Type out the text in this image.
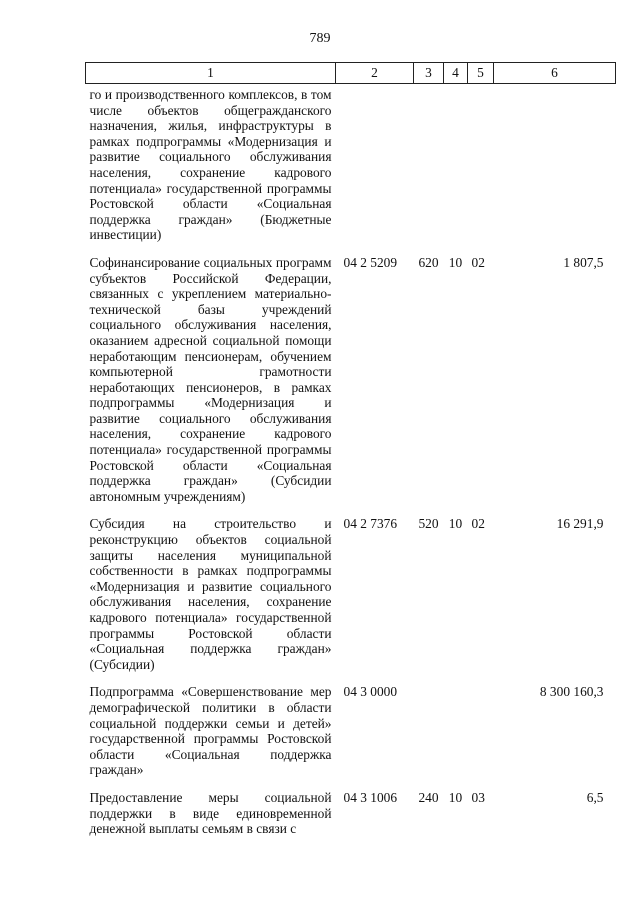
789
1	2	3	4	5	6
го и производственного комплексов, в том числе объектов общегражданского назначения, жилья, инфраструктуры в рамках подпрограммы «Модернизация и развитие социального обслуживания населения, сохранение кадрового потенциала» государственной программы Ростовской области «Социальная поддержка граждан» (Бюджетные инвестиции)					
Софинансирование социальных программ субъектов Российской Федерации, связанных с укреплением материально-технической базы учреждений социального обслуживания населения, оказанием адресной социальной помощи неработающим пенсионерам, обучением компьютерной грамотности неработающих пенсионеров, в рамках подпрограммы «Модернизация и развитие социального обслуживания населения, сохранение кадрового потенциала» государственной программы Ростовской области «Социальная поддержка граждан» (Субсидии автономным учреждениям)	04 2 5209	620	10	02	1 807,5
Субсидия на строительство и реконструкцию объектов социальной защиты населения муниципальной собственности в рамках подпрограммы «Модернизация и развитие социального обслуживания населения, сохранение кадрового потенциала» государственной программы Ростовской области «Социальная поддержка граждан» (Субсидии)	04 2 7376	520	10	02	16 291,9
Подпрограмма «Совершенствование мер демографической политики в области социальной поддержки семьи и детей» государственной программы Ростовской области «Социальная поддержка граждан»	04 3 0000				8 300 160,3
Предоставление меры социальной поддержки в виде единовременной денежной выплаты семьям в связи с	04 3 1006	240	10	03	6,5
